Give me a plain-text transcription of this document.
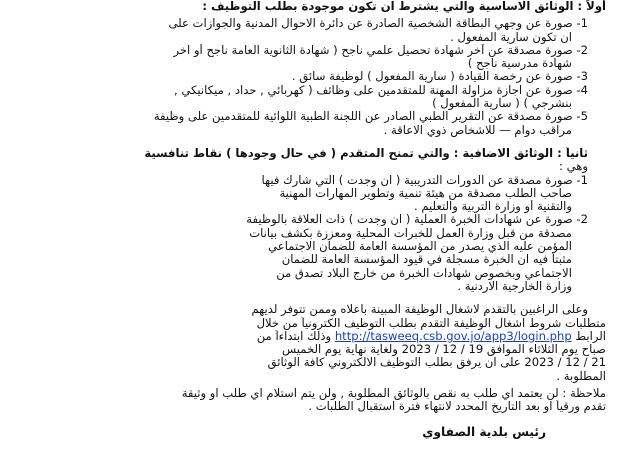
أولاً : الوثائق الاساسية والتي يشترط ان تكون موجودة بطلب التوظيف :
1- صورة عن وجهي البطاقة الشخصية الصادرة عن دائرة الاحوال المدنية والجوازات على
ان تكون سارية المفعول .
2- صورة مصدقة عن آخر شهادة تحصيل علمي ناجح ( شهادة الثانوية العامة ناجح أو اخر
شهادة مدرسية ناجح )
3- صورة عن رخصة القيادة ( سارية المفعول ) لوظيفة سائق .
4- صورة عن اجازة مزاولة المهنة للمتقدمين على وظائف ( كهربائي , حداد , ميكانيكي ,
بنشرجي ) ( سارية المفعول )
5- صورة مصدقة عن التقرير الطبي الصادر عن اللجنة الطبية اللوائية للمتقدمين على وظيفة
مراقب دوام — للاشخاص ذوي الاعاقة .
ثانياً : الوثائق الاضافية : والتي تمنح المتقدم ( في حال وجودها ) نقاط تنافسية
وهي :
1- صورة مصدقة عن الدورات التدريبية ( ان وجدت ) التي شارك فيها
صاحب الطلب مصدقة من هيئة تنمية وتطوير المهارات المهنية
والتقنية أو وزارة التربية والتعليم .
2- صورة عن شهادات الخبرة العملية ( ان وجدت ) ذات العلاقة بالوظيفة
مصدقة من قبل وزارة العمل للخبرات المحلية ومعززة بكشف بيانات
المؤمن عليه الذي يصدر من المؤسسة العامة للضمان الاجتماعي
مثبتاً فيه ان الخبرة مسجلة في قيود المؤسسة العامة للضمان
الاجتماعي وبخصوص شهادات الخبرة من خارج البلاد تصدق من
وزارة الخارجية الاردنية .
وعلى الراغبين بالتقدم لاشغال الوظيفة المبينة باعلاه وممن تتوفر لديهم
متطلبات شروط اشغال الوظيفة التقدم بطلب التوظيف الكترونياً من خلال
الرابط http://tasweeq.csb.gov.jo/app3/login.php وذلك ابتداءاً من
صباح يوم الثلاثاء الموافق 19 / 12 / 2023 ولغاية نهاية يوم الخميس
21 / 12 / 2023 على ان يرفق بطلب التوظيف الالكتروني كافة الوثائق
المطلوبة .
ملاحظة : لن يعتمد اي طلب به نقص بالوثائق المطلوبة , ولن يتم استلام اي طلب او وثيقة
تقدم ورقياً او بعد التاريخ المحدد لانتهاء فترة استقبال الطلبات .
رئيس بلدية الصفاوي
